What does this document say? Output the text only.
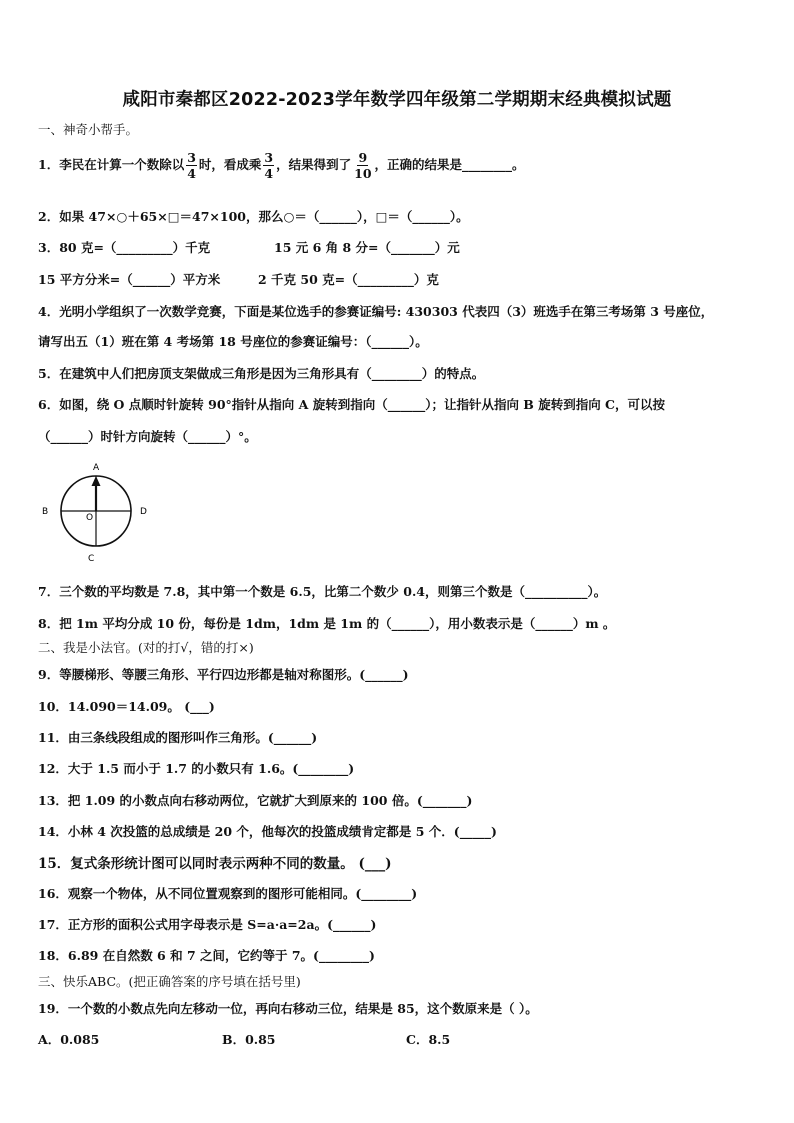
咸阳市秦都区2022-2023学年数学四年级第二学期期末经典模拟试题
一、神奇小帮手。
1．李民在计算一个数除以 $\frac{3}{4}$ 时，看成乘 $\frac{3}{4}$ ，结果得到了 $\frac{9}{10}$ ，正确的结果是________。
2．如果 47×○＋65×□＝47×100，那么○＝（______），□＝（______）。
3．80 克=（_________）千克	15 元 6 角 8 分=（_______）元
15 平方分米=（______）平方米	2 千克 50 克=（_________）克
4．光明小学组织了一次数学竞赛，下面是某位选手的参赛证编号: 430303 代表四（3）班选手在第三考场第 3 号座位，
请写出五（1）班在第 4 考场第 18 号座位的参赛证编号：（______）。
5．在建筑中人们把房顶支架做成三角形是因为三角形具有（________）的特点。
6．如图，绕 O 点顺时针旋转 90°指针从指向 A 旋转到指向（______）；让指针从指向 B 旋转到指向 C，可以按
（______）时针方向旋转（______）°。
A
B
C
D
O
7．三个数的平均数是 7.8，其中第一个数是 6.5，比第二个数少 0.4，则第三个数是（__________）。
8．把 1m 平均分成 10 份，每份是 1dm，1dm 是 1m 的（______），用小数表示是（______）m 。
二、我是小法官。(对的打√，错的打×)
9．等腰梯形、等腰三角形、平行四边形都是轴对称图形。(______)
10．14.090＝14.09。 (___)
11．由三条线段组成的图形叫作三角形。(______)
12．大于 1.5 而小于 1.7 的小数只有 1.6。(________)
13．把 1.09 的小数点向右移动两位，它就扩大到原来的 100 倍。(_______)
14．小林 4 次投篮的总成绩是 20 个，他每次的投篮成绩肯定都是 5 个．(_____)
15．复式条形统计图可以同时表示两种不同的数量。 (___)
16．观察一个物体，从不同位置观察到的图形可能相同。(________)
17．正方形的面积公式用字母表示是 S=a·a=2a。(______)
18．6.89 在自然数 6 和 7 之间，它约等于 7。(________)
三、快乐ABC。(把正确答案的序号填在括号里)
19．一个数的小数点先向左移动一位，再向右移动三位，结果是 85，这个数原来是（ ）。
A．0.085	B．0.85	C．8.5
